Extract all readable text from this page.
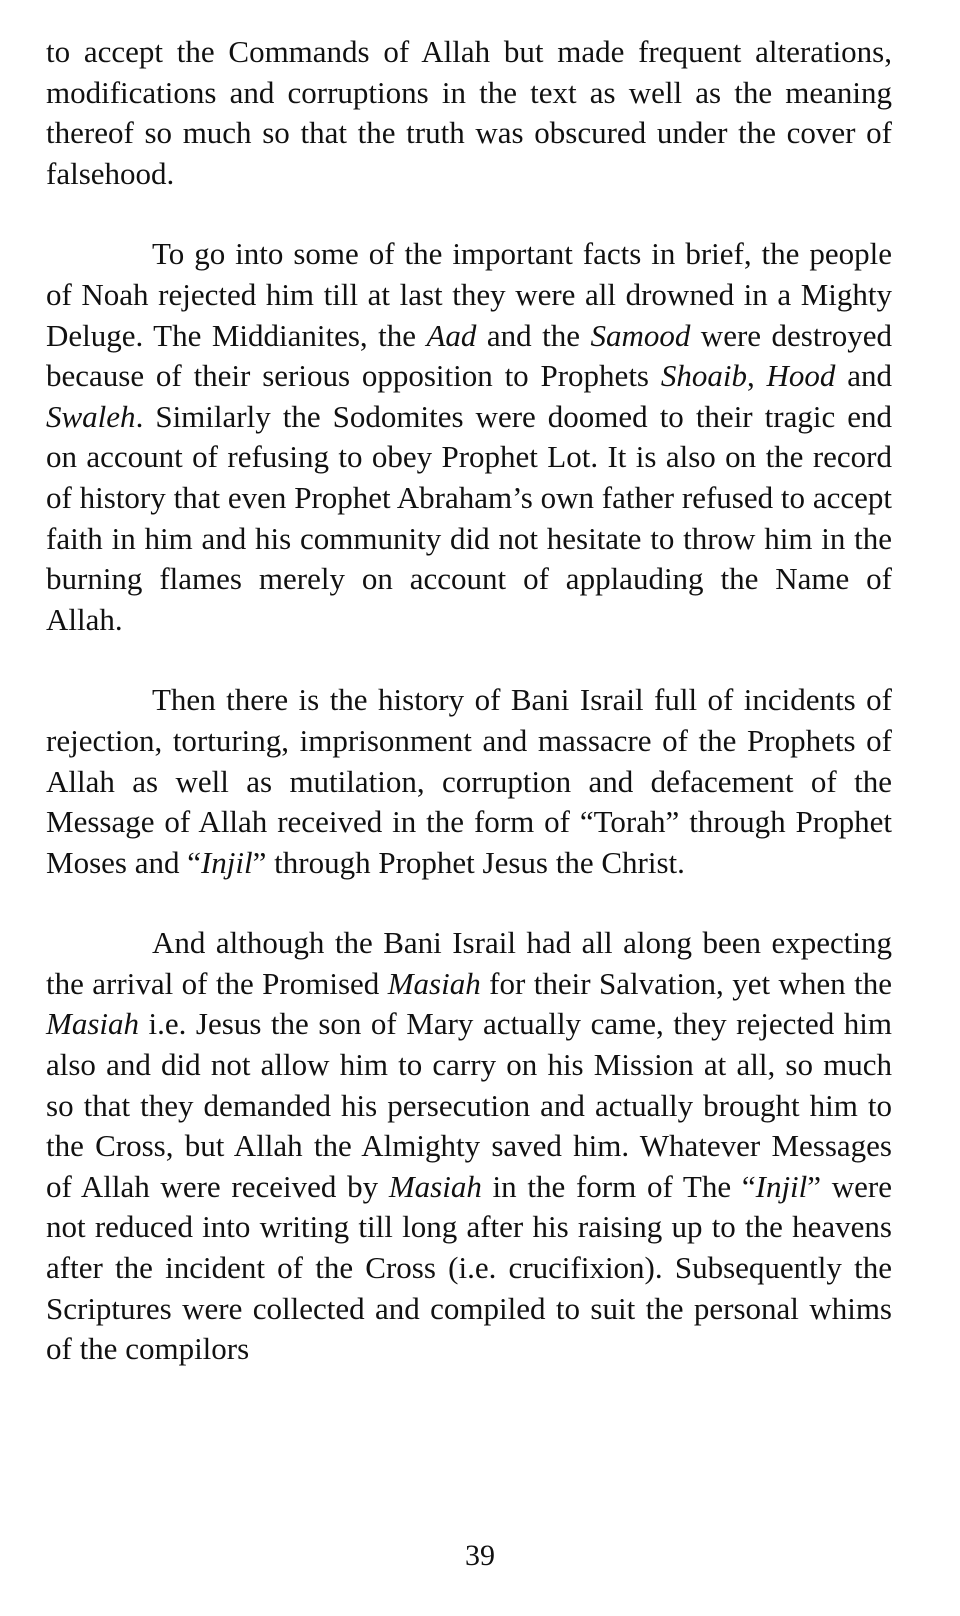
to accept the Commands of Allah but made frequent alterations, modifications and corruptions in the text as well as the meaning thereof so much so that the truth was obscured under the cover of falsehood.

To go into some of the important facts in brief, the people of Noah rejected him till at last they were all drowned in a Mighty Deluge. The Middianites, the Aad and the Samood were destroyed because of their serious opposition to Prophets Shoaib, Hood and Swaleh. Similarly the Sodomites were doomed to their tragic end on account of refusing to obey Prophet Lot. It is also on the record of history that even Prophet Abraham’s own father refused to accept faith in him and his community did not hesitate to throw him in the burning flames merely on account of applauding the Name of Allah.

Then there is the history of Bani Israil full of incidents of rejection, torturing, imprisonment and massacre of the Prophets of Allah as well as mutilation, corruption and defacement of the Message of Allah received in the form of “Torah” through Prophet Moses and “Injil” through Prophet Jesus the Christ.

And although the Bani Israil had all along been expecting the arrival of the Promised Masiah for their Salvation, yet when the Masiah i.e. Jesus the son of Mary actually came, they rejected him also and did not allow him to carry on his Mission at all, so much so that they demanded his persecution and actually brought him to the Cross, but Allah the Almighty saved him. Whatever Messages of Allah were received by Masiah in the form of The “Injil” were not reduced into writing till long after his raising up to the heavens after the incident of the Cross (i.e. crucifixion). Subsequently the Scriptures were collected and compiled to suit the personal whims of the compilors

39
